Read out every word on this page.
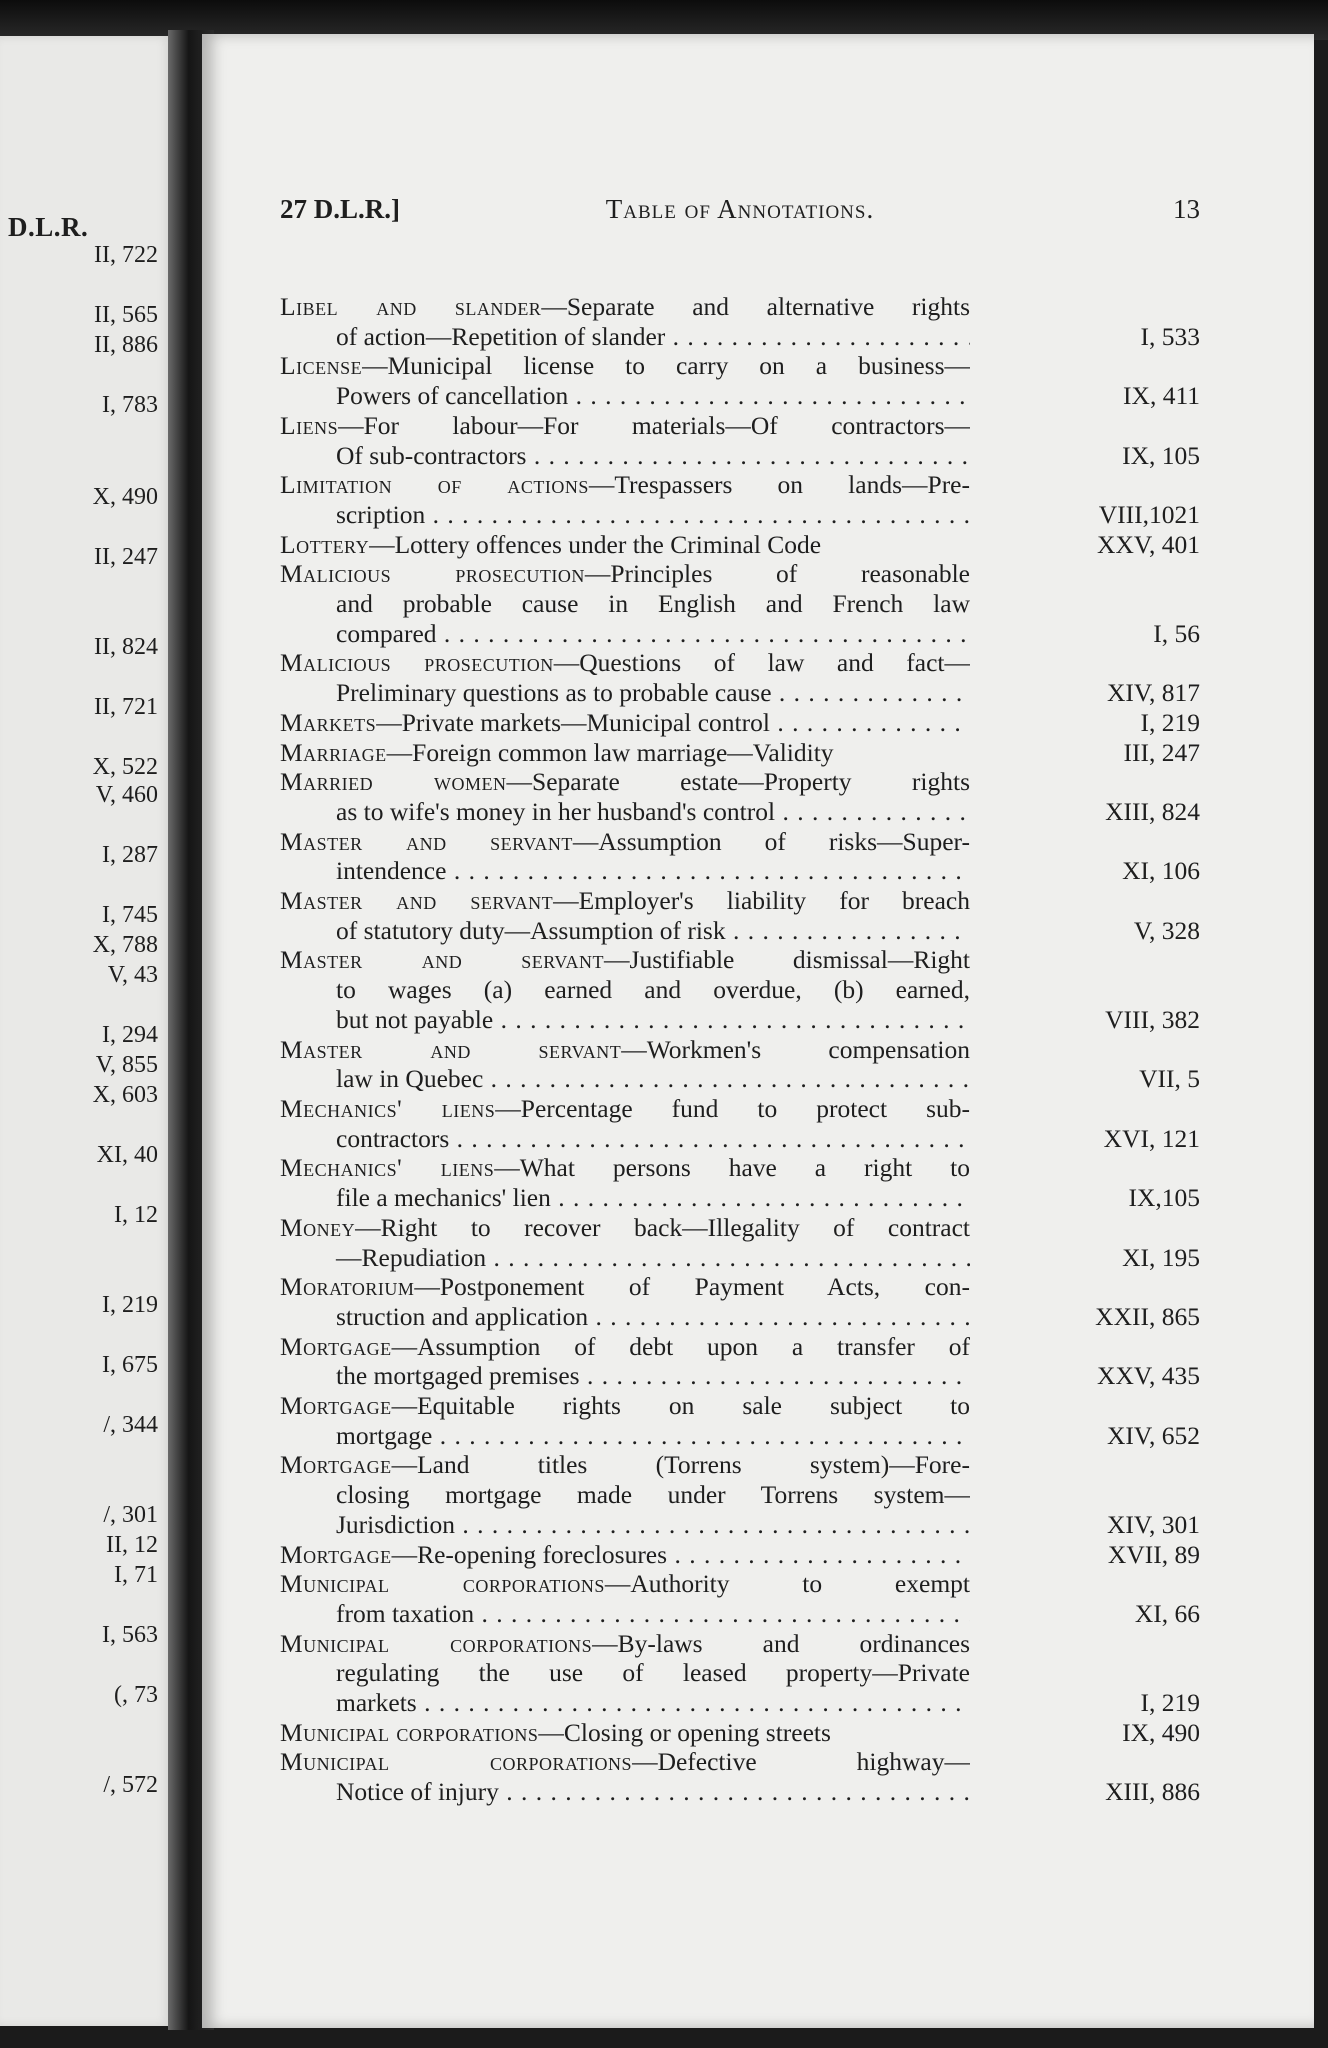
D.L.R.
II, 722
II, 565
II, 886
I, 783
X, 490
II, 247
II, 824
II, 721
X, 522
V, 460
I, 287
I, 745
X, 788
V, 43
I, 294
V, 855
X, 603
XI, 40
I, 12
I, 219
I, 675
/, 344
/, 301
II, 12
I, 71
I, 563
(, 73
/, 572
27 D.L.R.]	Table of Annotations.	13
Libel and slander—Separate and alternative rights
of action—Repetition of slander . . .	I, 533
License—Municipal license to carry on a business—
Powers of cancellation . . .	IX, 411
Liens—For labour—For materials—Of contractors—
Of sub-contractors . . .	IX, 105
Limitation of actions—Trespassers on lands—Pre-
scription . . .	VIII,1021
Lottery—Lottery offences under the Criminal Code	XXV, 401
Malicious prosecution—Principles of reasonable
and probable cause in English and French law
compared . . .	I, 56
Malicious prosecution—Questions of law and fact—
Preliminary questions as to probable cause . . .	XIV, 817
Markets—Private markets—Municipal control . . .	I, 219
Marriage—Foreign common law marriage—Validity	III, 247
Married women—Separate estate—Property rights
as to wife's money in her husband's control . . .	XIII, 824
Master and servant—Assumption of risks—Super-
intendence . . .	XI, 106
Master and servant—Employer's liability for breach
of statutory duty—Assumption of risk . . .	V, 328
Master and servant—Justifiable dismissal—Right
to wages (a) earned and overdue, (b) earned,
but not payable . . .	VIII, 382
Master and servant—Workmen's compensation
law in Quebec . . .	VII, 5
Mechanics' liens—Percentage fund to protect sub-
contractors . . .	XVI, 121
Mechanics' liens—What persons have a right to
file a mechanics' lien . . .	IX,105
Money—Right to recover back—Illegality of contract
—Repudiation . . .	XI, 195
Moratorium—Postponement of Payment Acts, con-
struction and application . . .	XXII, 865
Mortgage—Assumption of debt upon a transfer of
the mortgaged premises . . .	XXV, 435
Mortgage—Equitable rights on sale subject to
mortgage . . .	XIV, 652
Mortgage—Land titles (Torrens system)—Fore-
closing mortgage made under Torrens system—
Jurisdiction . . .	XIV, 301
Mortgage—Re-opening foreclosures . . .	XVII, 89
Municipal corporations—Authority to exempt
from taxation . . .	XI, 66
Municipal corporations—By-laws and ordinances
regulating the use of leased property—Private
markets . . .	I, 219
Municipal corporations—Closing or opening streets	IX, 490
Municipal corporations—Defective highway—
Notice of injury . . .	XIII, 886
